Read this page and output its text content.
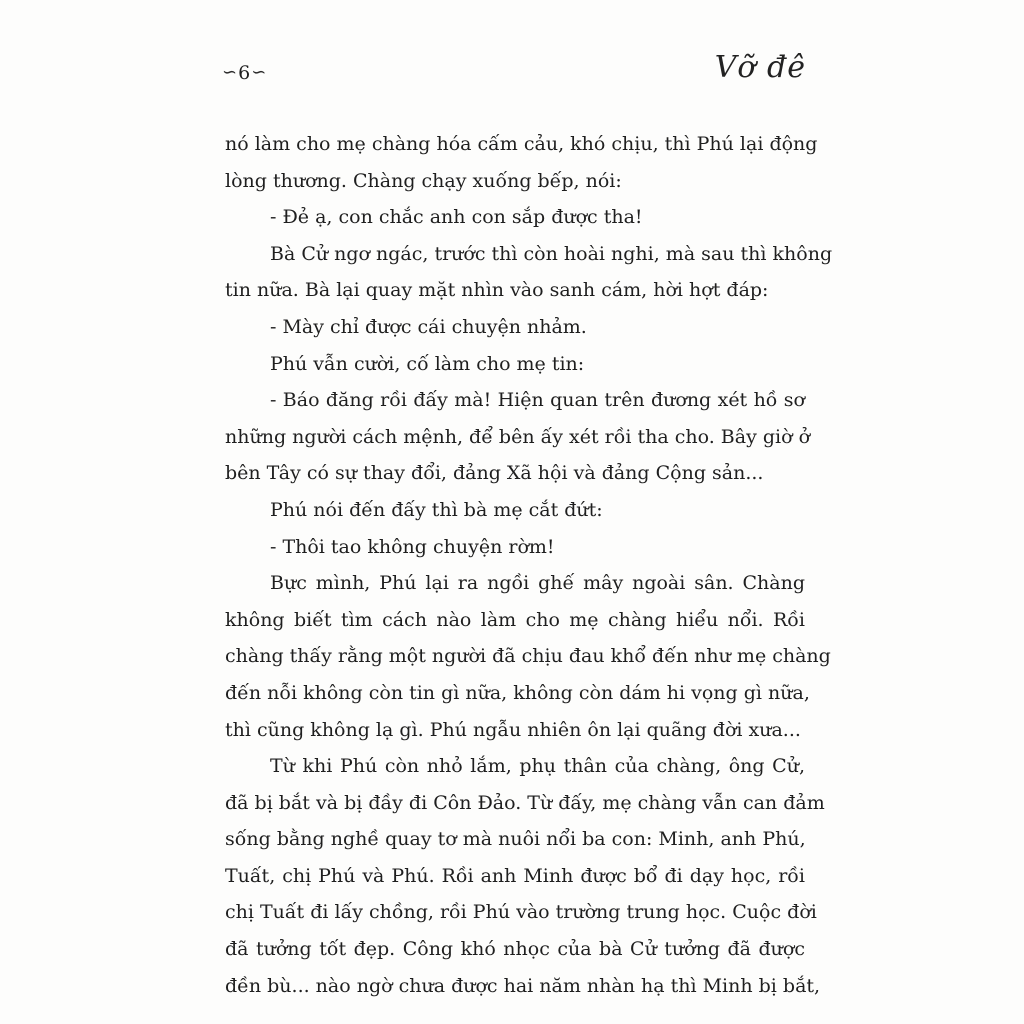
∽ 6 ∽	Vỡ đê
nó làm cho mẹ chàng hóa cấm cảu, khó chịu, thì Phú lại động
lòng thương. Chàng chạy xuống bếp, nói:
- Đẻ ạ, con chắc anh con sắp được tha!
Bà Cử ngơ ngác, trước thì còn hoài nghi, mà sau thì không
tin nữa. Bà lại quay mặt nhìn vào sanh cám, hời hợt đáp:
- Mày chỉ được cái chuyện nhảm.
Phú vẫn cười, cố làm cho mẹ tin:
- Báo đăng rồi đấy mà! Hiện quan trên đương xét hồ sơ
những người cách mệnh, để bên ấy xét rồi tha cho. Bây giờ ở
bên Tây có sự thay đổi, đảng Xã hội và đảng Cộng sản...
Phú nói đến đấy thì bà mẹ cắt đứt:
- Thôi tao không chuyện rờm!
Bực mình, Phú lại ra ngồi ghế mây ngoài sân. Chàng
không biết tìm cách nào làm cho mẹ chàng hiểu nổi. Rồi
chàng thấy rằng một người đã chịu đau khổ đến như mẹ chàng
đến nỗi không còn tin gì nữa, không còn dám hi vọng gì nữa,
thì cũng không lạ gì. Phú ngẫu nhiên ôn lại quãng đời xưa...
Từ khi Phú còn nhỏ lắm, phụ thân của chàng, ông Cử,
đã bị bắt và bị đầy đi Côn Đảo. Từ đấy, mẹ chàng vẫn can đảm
sống bằng nghề quay tơ mà nuôi nổi ba con: Minh, anh Phú,
Tuất, chị Phú và Phú. Rồi anh Minh được bổ đi dạy học, rồi
chị Tuất đi lấy chồng, rồi Phú vào trường trung học. Cuộc đời
đã tưởng tốt đẹp. Công khó nhọc của bà Cử tưởng đã được
đền bù... nào ngờ chưa được hai năm nhàn hạ thì Minh bị bắt,
